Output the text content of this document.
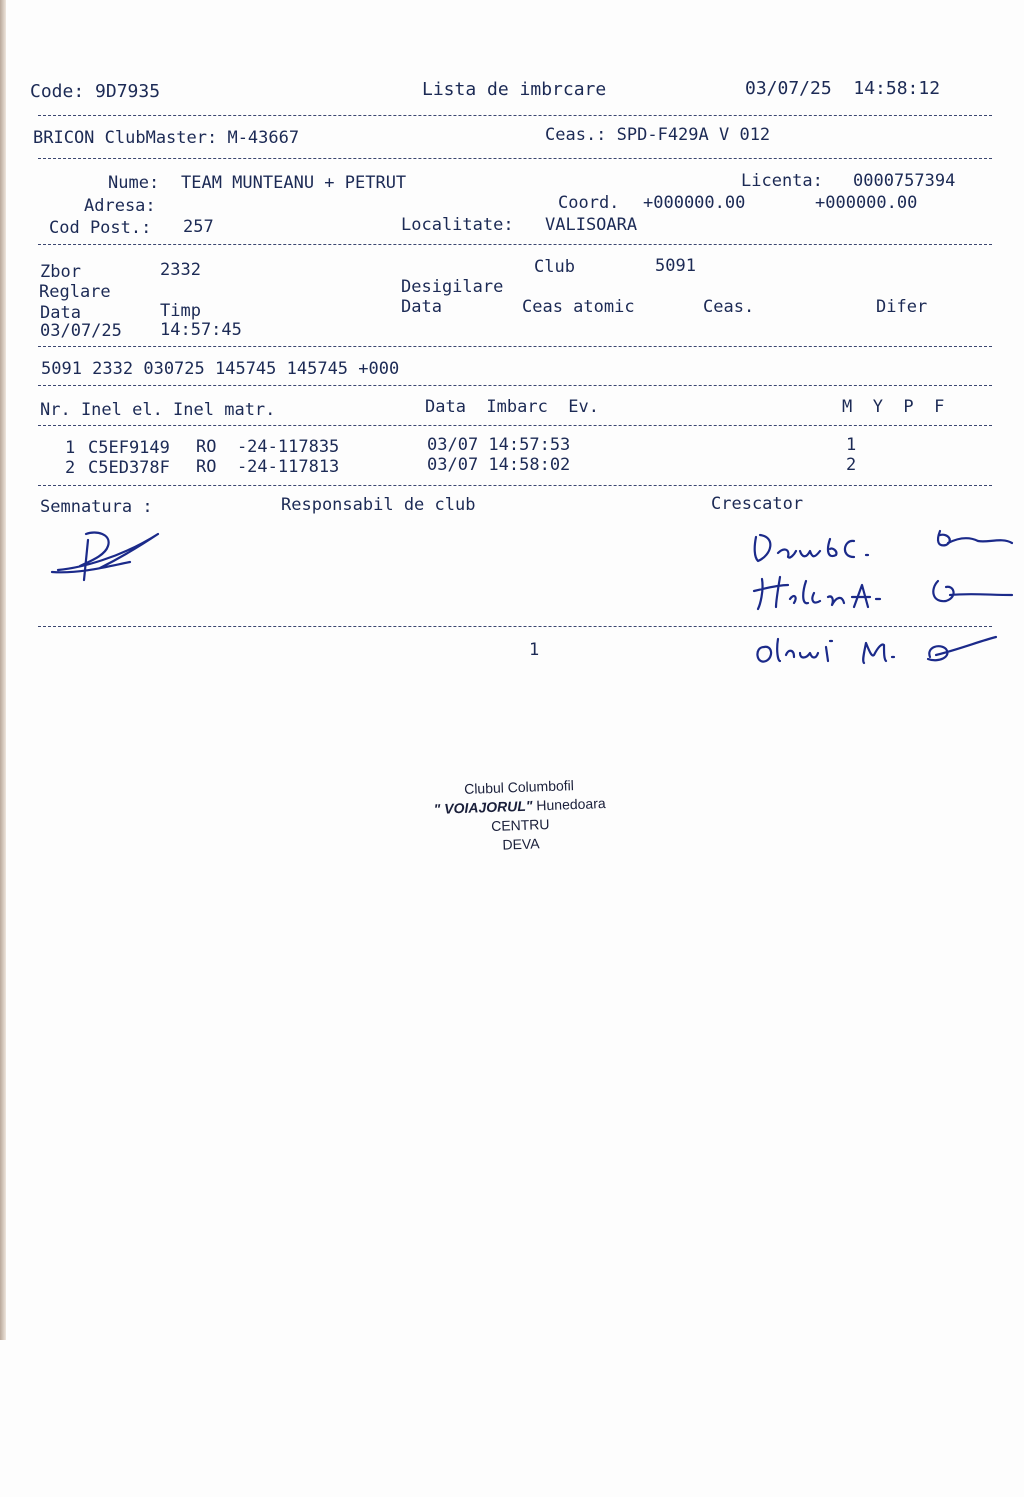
Code: 9D7935	Lista de imbrcare	03/07/25  14:58:12
BRICON ClubMaster: M-43667	Ceas.: SPD-F429A V 012
Nume: TEAM MUNTEANU + PETRUT	Licenta: 0000757394
Adresa:	Coord. +000000.00	+000000.00
Cod Post.: 257	Localitate: VALISOARA
Zbor	2332	Club	5091
Reglare	Desigilare
Data	Timp	Data	Ceas atomic	Ceas.	Difer
03/07/25 14:57:45
5091 2332 030725 145745 145745 +000
Nr. Inel el. Inel matr.	Data  Imbarc  Ev.	M  Y  P  F
1 C5EF9149 RO  -24-117835	03/07 14:57:53	1
2 C5ED378F RO  -24-117813	03/07 14:58:02	2
Semnatura :	Responsabil de club	Crescator
1
Clubul Columbofil
" VOIAJORUL" Hunedoara
CENTRU
DEVA
